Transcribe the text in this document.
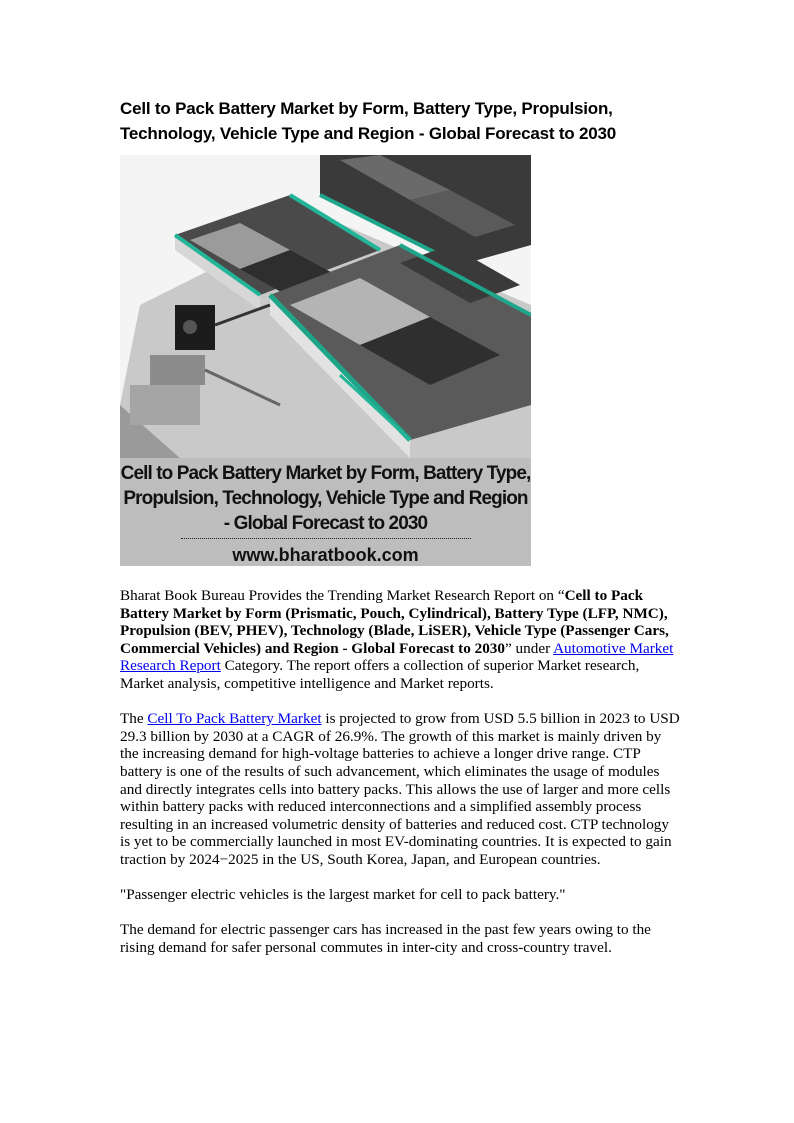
Cell to Pack Battery Market by Form, Battery Type, Propulsion, Technology, Vehicle Type and Region - Global Forecast to 2030
Cell to Pack Battery Market by Form, Battery Type, Propulsion, Technology, Vehicle Type and Region - Global Forecast to 2030
www.bharatbook.com

Bharat Book Bureau Provides the Trending Market Research Report on “Cell to Pack Battery Market by Form (Prismatic, Pouch, Cylindrical), Battery Type (LFP, NMC), Propulsion (BEV, PHEV), Technology (Blade, LiSER), Vehicle Type (Passenger Cars, Commercial Vehicles) and Region - Global Forecast to 2030” under Automotive Market Research Report Category. The report offers a collection of superior Market research, Market analysis, competitive intelligence and Market reports.

The Cell To Pack Battery Market is projected to grow from USD 5.5 billion in 2023 to USD 29.3 billion by 2030 at a CAGR of 26.9%. The growth of this market is mainly driven by the increasing demand for high-voltage batteries to achieve a longer drive range. CTP battery is one of the results of such advancement, which eliminates the usage of modules and directly integrates cells into battery packs. This allows the use of larger and more cells within battery packs with reduced interconnections and a simplified assembly process resulting in an increased volumetric density of batteries and reduced cost. CTP technology is yet to be commercially launched in most EV-dominating countries. It is expected to gain traction by 2024−2025 in the US, South Korea, Japan, and European countries.

"Passenger electric vehicles is the largest market for cell to pack battery."

The demand for electric passenger cars has increased in the past few years owing to the rising demand for safer personal commutes in inter-city and cross-country travel.
